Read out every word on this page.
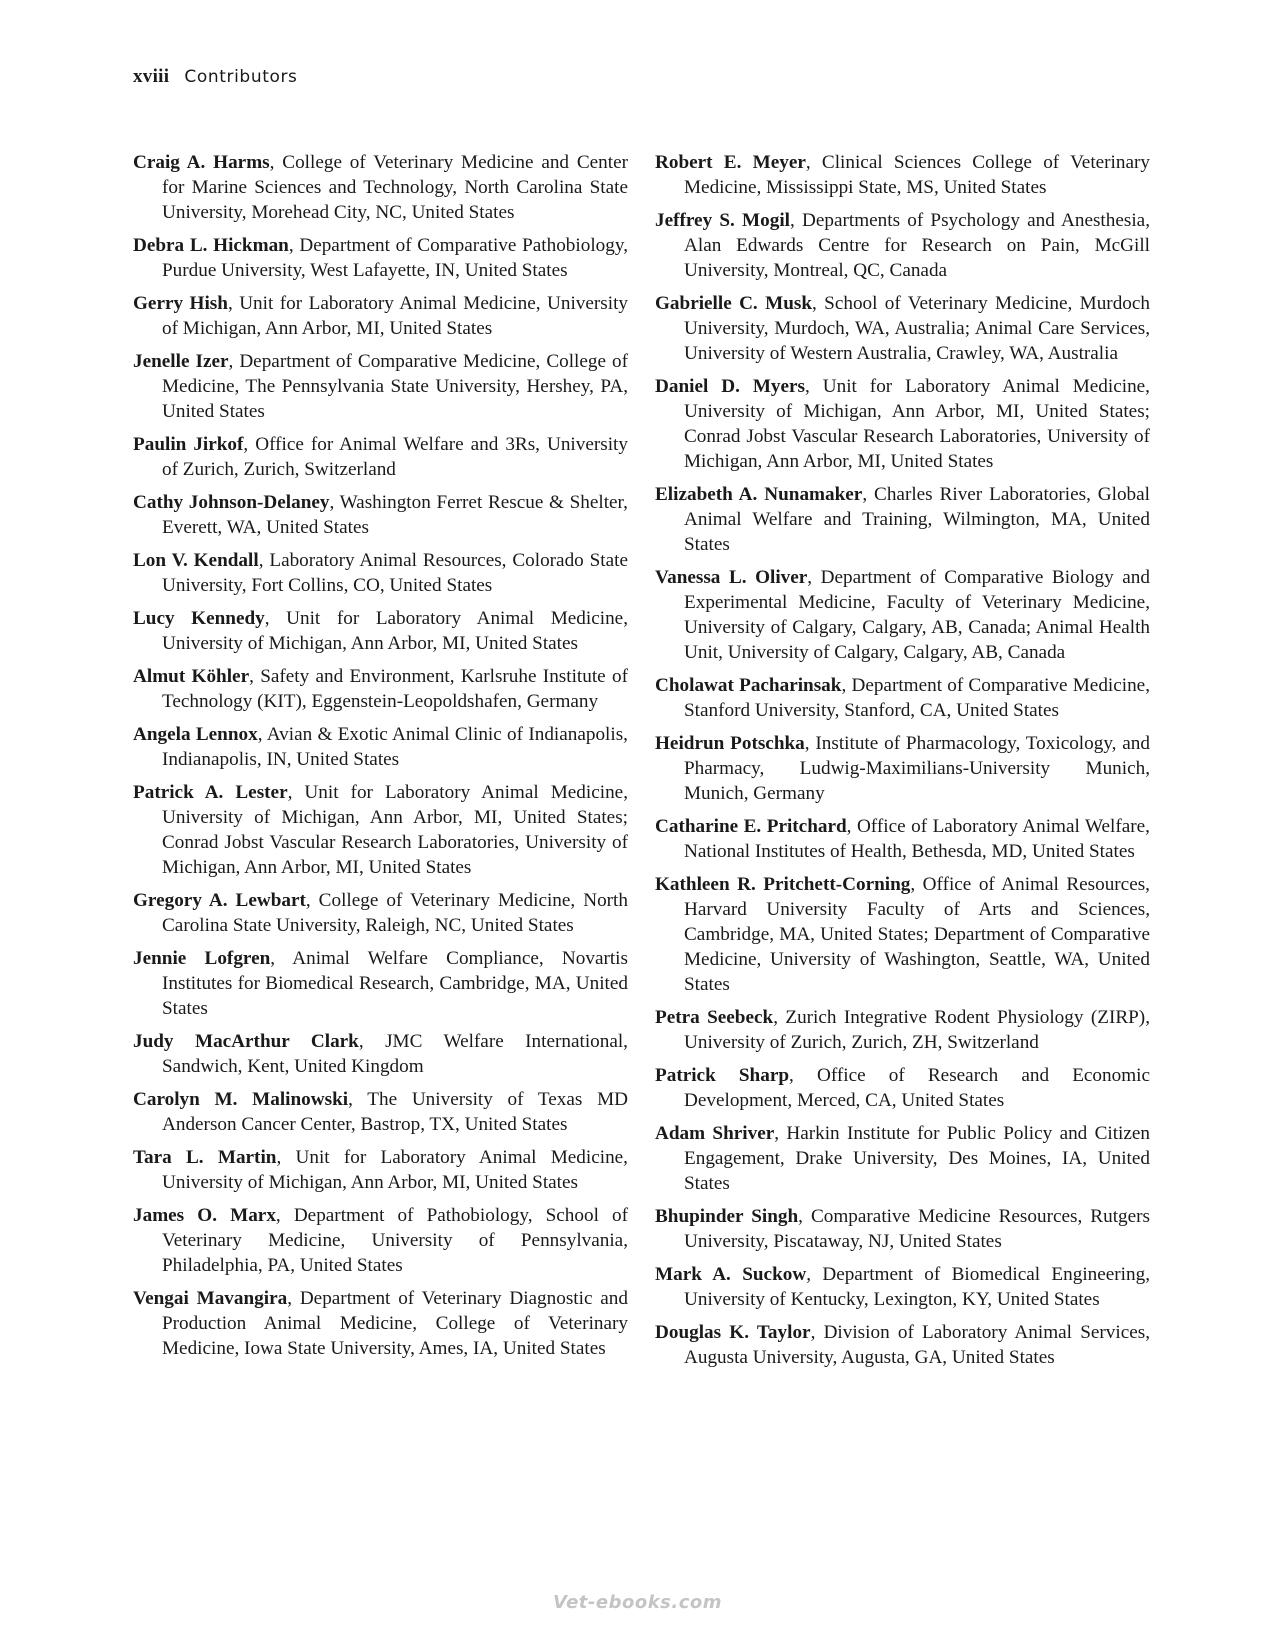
xviii Contributors

Craig A. Harms, College of Veterinary Medicine and Center for Marine Sciences and Technology, North Carolina State University, Morehead City, NC, United States

Debra L. Hickman, Department of Comparative Pathobiology, Purdue University, West Lafayette, IN, United States

Gerry Hish, Unit for Laboratory Animal Medicine, University of Michigan, Ann Arbor, MI, United States

Jenelle Izer, Department of Comparative Medicine, College of Medicine, The Pennsylvania State University, Hershey, PA, United States

Paulin Jirkof, Office for Animal Welfare and 3Rs, University of Zurich, Zurich, Switzerland

Cathy Johnson-Delaney, Washington Ferret Rescue & Shelter, Everett, WA, United States

Lon V. Kendall, Laboratory Animal Resources, Colorado State University, Fort Collins, CO, United States

Lucy Kennedy, Unit for Laboratory Animal Medicine, University of Michigan, Ann Arbor, MI, United States

Almut Köhler, Safety and Environment, Karlsruhe Institute of Technology (KIT), Eggenstein-Leopoldshafen, Germany

Angela Lennox, Avian & Exotic Animal Clinic of Indianapolis, Indianapolis, IN, United States

Patrick A. Lester, Unit for Laboratory Animal Medicine, University of Michigan, Ann Arbor, MI, United States; Conrad Jobst Vascular Research Laboratories, University of Michigan, Ann Arbor, MI, United States

Gregory A. Lewbart, College of Veterinary Medicine, North Carolina State University, Raleigh, NC, United States

Jennie Lofgren, Animal Welfare Compliance, Novartis Institutes for Biomedical Research, Cambridge, MA, United States

Judy MacArthur Clark, JMC Welfare International, Sandwich, Kent, United Kingdom

Carolyn M. Malinowski, The University of Texas MD Anderson Cancer Center, Bastrop, TX, United States

Tara L. Martin, Unit for Laboratory Animal Medicine, University of Michigan, Ann Arbor, MI, United States

James O. Marx, Department of Pathobiology, School of Veterinary Medicine, University of Pennsylvania, Philadelphia, PA, United States

Vengai Mavangira, Department of Veterinary Diagnostic and Production Animal Medicine, College of Veterinary Medicine, Iowa State University, Ames, IA, United States

Robert E. Meyer, Clinical Sciences College of Veterinary Medicine, Mississippi State, MS, United States

Jeffrey S. Mogil, Departments of Psychology and Anesthesia, Alan Edwards Centre for Research on Pain, McGill University, Montreal, QC, Canada

Gabrielle C. Musk, School of Veterinary Medicine, Murdoch University, Murdoch, WA, Australia; Animal Care Services, University of Western Australia, Crawley, WA, Australia

Daniel D. Myers, Unit for Laboratory Animal Medicine, University of Michigan, Ann Arbor, MI, United States; Conrad Jobst Vascular Research Laboratories, University of Michigan, Ann Arbor, MI, United States

Elizabeth A. Nunamaker, Charles River Laboratories, Global Animal Welfare and Training, Wilmington, MA, United States

Vanessa L. Oliver, Department of Comparative Biology and Experimental Medicine, Faculty of Veterinary Medicine, University of Calgary, Calgary, AB, Canada; Animal Health Unit, University of Calgary, Calgary, AB, Canada

Cholawat Pacharinsak, Department of Comparative Medicine, Stanford University, Stanford, CA, United States

Heidrun Potschka, Institute of Pharmacology, Toxicology, and Pharmacy, Ludwig-Maximilians-University Munich, Munich, Germany

Catharine E. Pritchard, Office of Laboratory Animal Welfare, National Institutes of Health, Bethesda, MD, United States

Kathleen R. Pritchett-Corning, Office of Animal Resources, Harvard University Faculty of Arts and Sciences, Cambridge, MA, United States; Department of Comparative Medicine, University of Washington, Seattle, WA, United States

Petra Seebeck, Zurich Integrative Rodent Physiology (ZIRP), University of Zurich, Zurich, ZH, Switzerland

Patrick Sharp, Office of Research and Economic Development, Merced, CA, United States

Adam Shriver, Harkin Institute for Public Policy and Citizen Engagement, Drake University, Des Moines, IA, United States

Bhupinder Singh, Comparative Medicine Resources, Rutgers University, Piscataway, NJ, United States

Mark A. Suckow, Department of Biomedical Engineering, University of Kentucky, Lexington, KY, United States

Douglas K. Taylor, Division of Laboratory Animal Services, Augusta University, Augusta, GA, United States

Vet-ebooks.com
